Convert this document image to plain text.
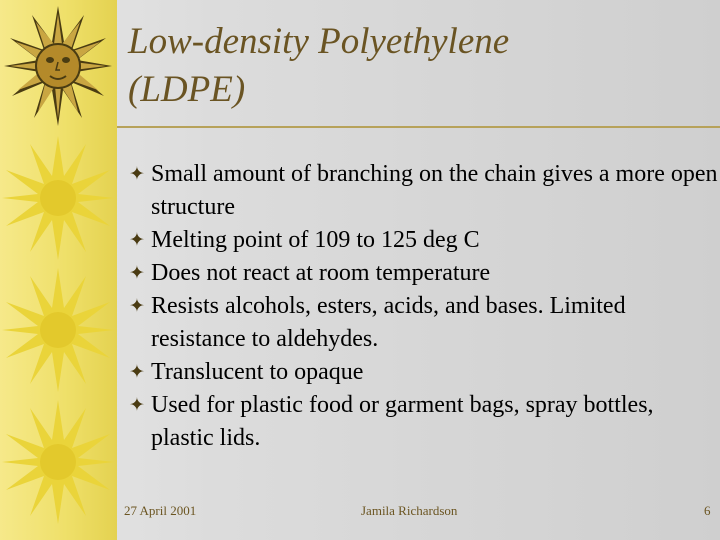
Low-density Polyethylene
(LDPE)
✦ Small amount of branching on the chain gives a more open structure
✦ Melting point of 109 to 125 deg C
✦ Does not react at room temperature
✦ Resists alcohols, esters, acids, and bases. Limited resistance to aldehydes.
✦ Translucent to opaque
✦ Used for plastic food or garment bags, spray bottles, plastic lids.
27 April 2001	Jamila Richardson	6
